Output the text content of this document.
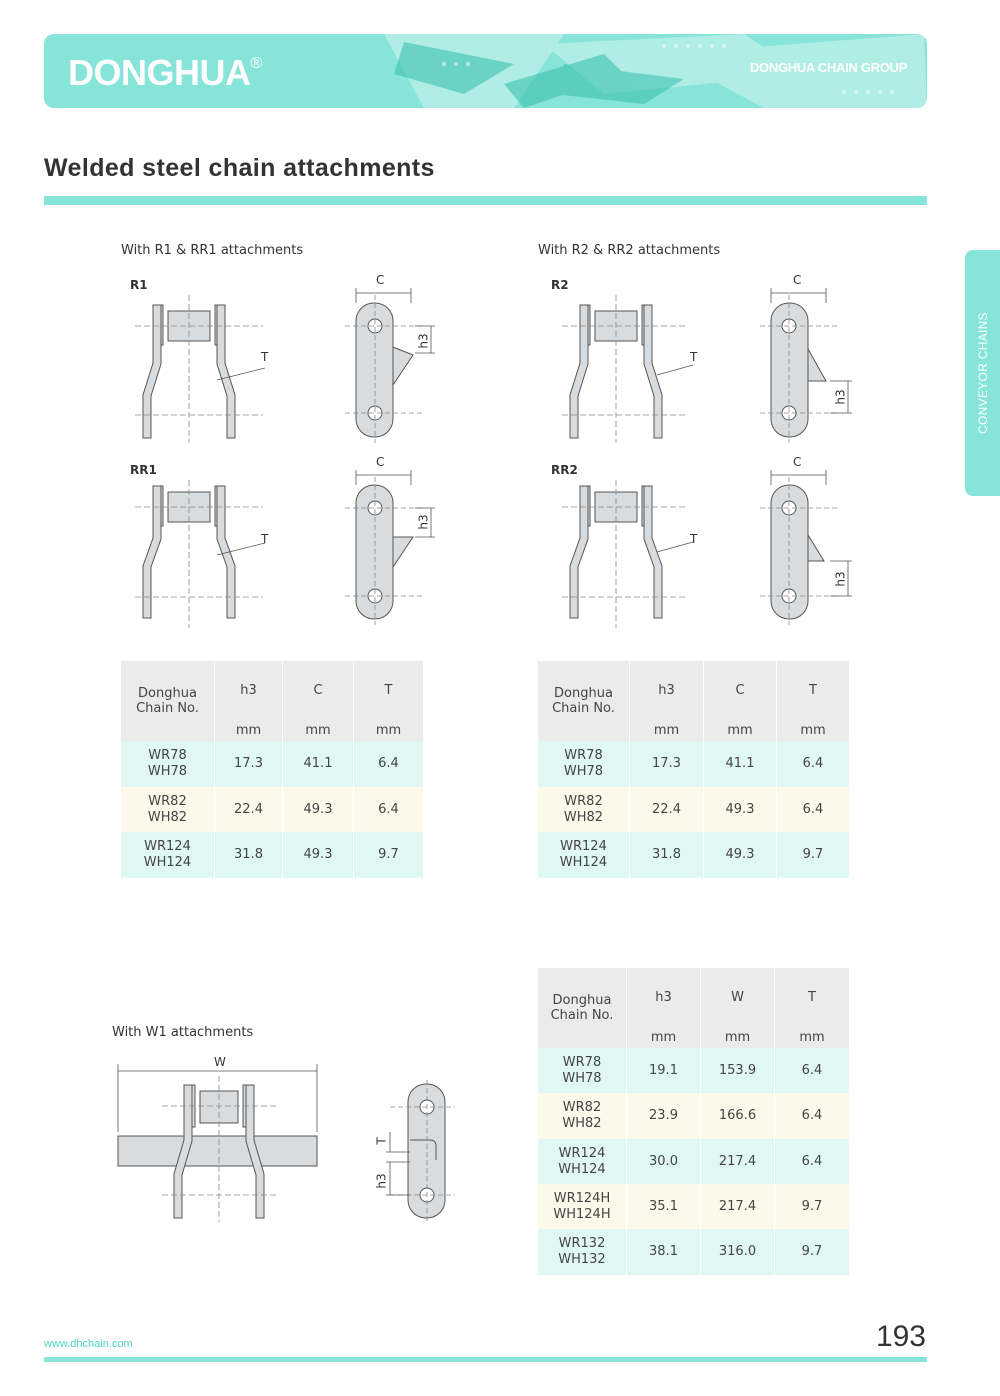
DONGHUA®	DONGHUA CHAIN GROUP
Welded steel chain attachments
CONVEYOR CHAINS
With R1 & RR1 attachments	With R2 & RR2 attachments
With W1 attachments
R1
RR1
R2
RR2
T
C
h3
T
C
h3
T
C
h3
T
C
h3
W
T
h3
Donghua
Chain No.	h3	C	T
	mm	mm	mm
WR78
WH78	17.3	41.1	6.4
WR82
WH82	22.4	49.3	6.4
WR124
WH124	31.8	49.3	9.7
Donghua
Chain No.	h3	C	T
	mm	mm	mm
WR78
WH78	17.3	41.1	6.4
WR82
WH82	22.4	49.3	6.4
WR124
WH124	31.8	49.3	9.7
Donghua
Chain No.	h3	W	T
	mm	mm	mm
WR78
WH78	19.1	153.9	6.4
WR82
WH82	23.9	166.6	6.4
WR124
WH124	30.0	217.4	6.4
WR124H
WH124H	35.1	217.4	9.7
WR132
WH132	38.1	316.0	9.7
www.dhchain.com	193
